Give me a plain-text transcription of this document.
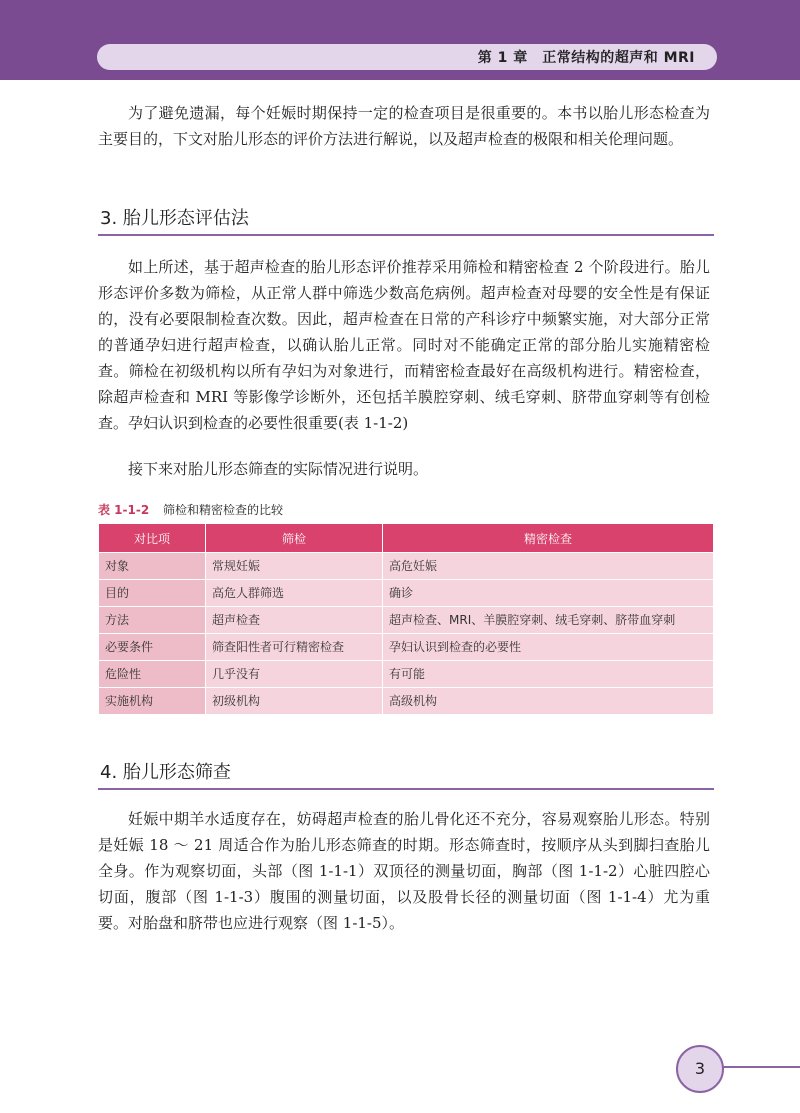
第 1 章　正常结构的超声和 MRI

为了避免遗漏，每个妊娠时期保持一定的检查项目是很重要的。本书以胎儿形态检查为主要目的，下文对胎儿形态的评价方法进行解说，以及超声检查的极限和相关伦理问题。

3. 胎儿形态评估法

如上所述，基于超声检查的胎儿形态评价推荐采用筛检和精密检查 2 个阶段进行。胎儿形态评价多数为筛检，从正常人群中筛选少数高危病例。超声检查对母婴的安全性是有保证的，没有必要限制检查次数。因此，超声检查在日常的产科诊疗中频繁实施，对大部分正常的普通孕妇进行超声检查，以确认胎儿正常。同时对不能确定正常的部分胎儿实施精密检查。筛检在初级机构以所有孕妇为对象进行，而精密检查最好在高级机构进行。精密检查，除超声检查和 MRI 等影像学诊断外，还包括羊膜腔穿刺、绒毛穿刺、脐带血穿刺等有创检查。孕妇认识到检查的必要性很重要(表 1-1-2)

接下来对胎儿形态筛查的实际情况进行说明。

表 1-1-2 筛检和精密检查的比较
对比项	筛检	精密检查
对象	常规妊娠	高危妊娠
目的	高危人群筛选	确诊
方法	超声检查	超声检查、MRI、羊膜腔穿刺、绒毛穿刺、脐带血穿刺
必要条件	筛查阳性者可行精密检查	孕妇认识到检查的必要性
危险性	几乎没有	有可能
实施机构	初级机构	高级机构
4. 胎儿形态筛查

妊娠中期羊水适度存在，妨碍超声检查的胎儿骨化还不充分，容易观察胎儿形态。特别是妊娠 18 ～ 21 周适合作为胎儿形态筛查的时期。形态筛查时，按顺序从头到脚扫查胎儿全身。作为观察切面，头部（图 1-1-1）双顶径的测量切面，胸部（图 1-1-2）心脏四腔心切面，腹部（图 1-1-3）腹围的测量切面，以及股骨长径的测量切面（图 1-1-4）尤为重要。对胎盘和脐带也应进行观察（图 1-1-5）。

3
